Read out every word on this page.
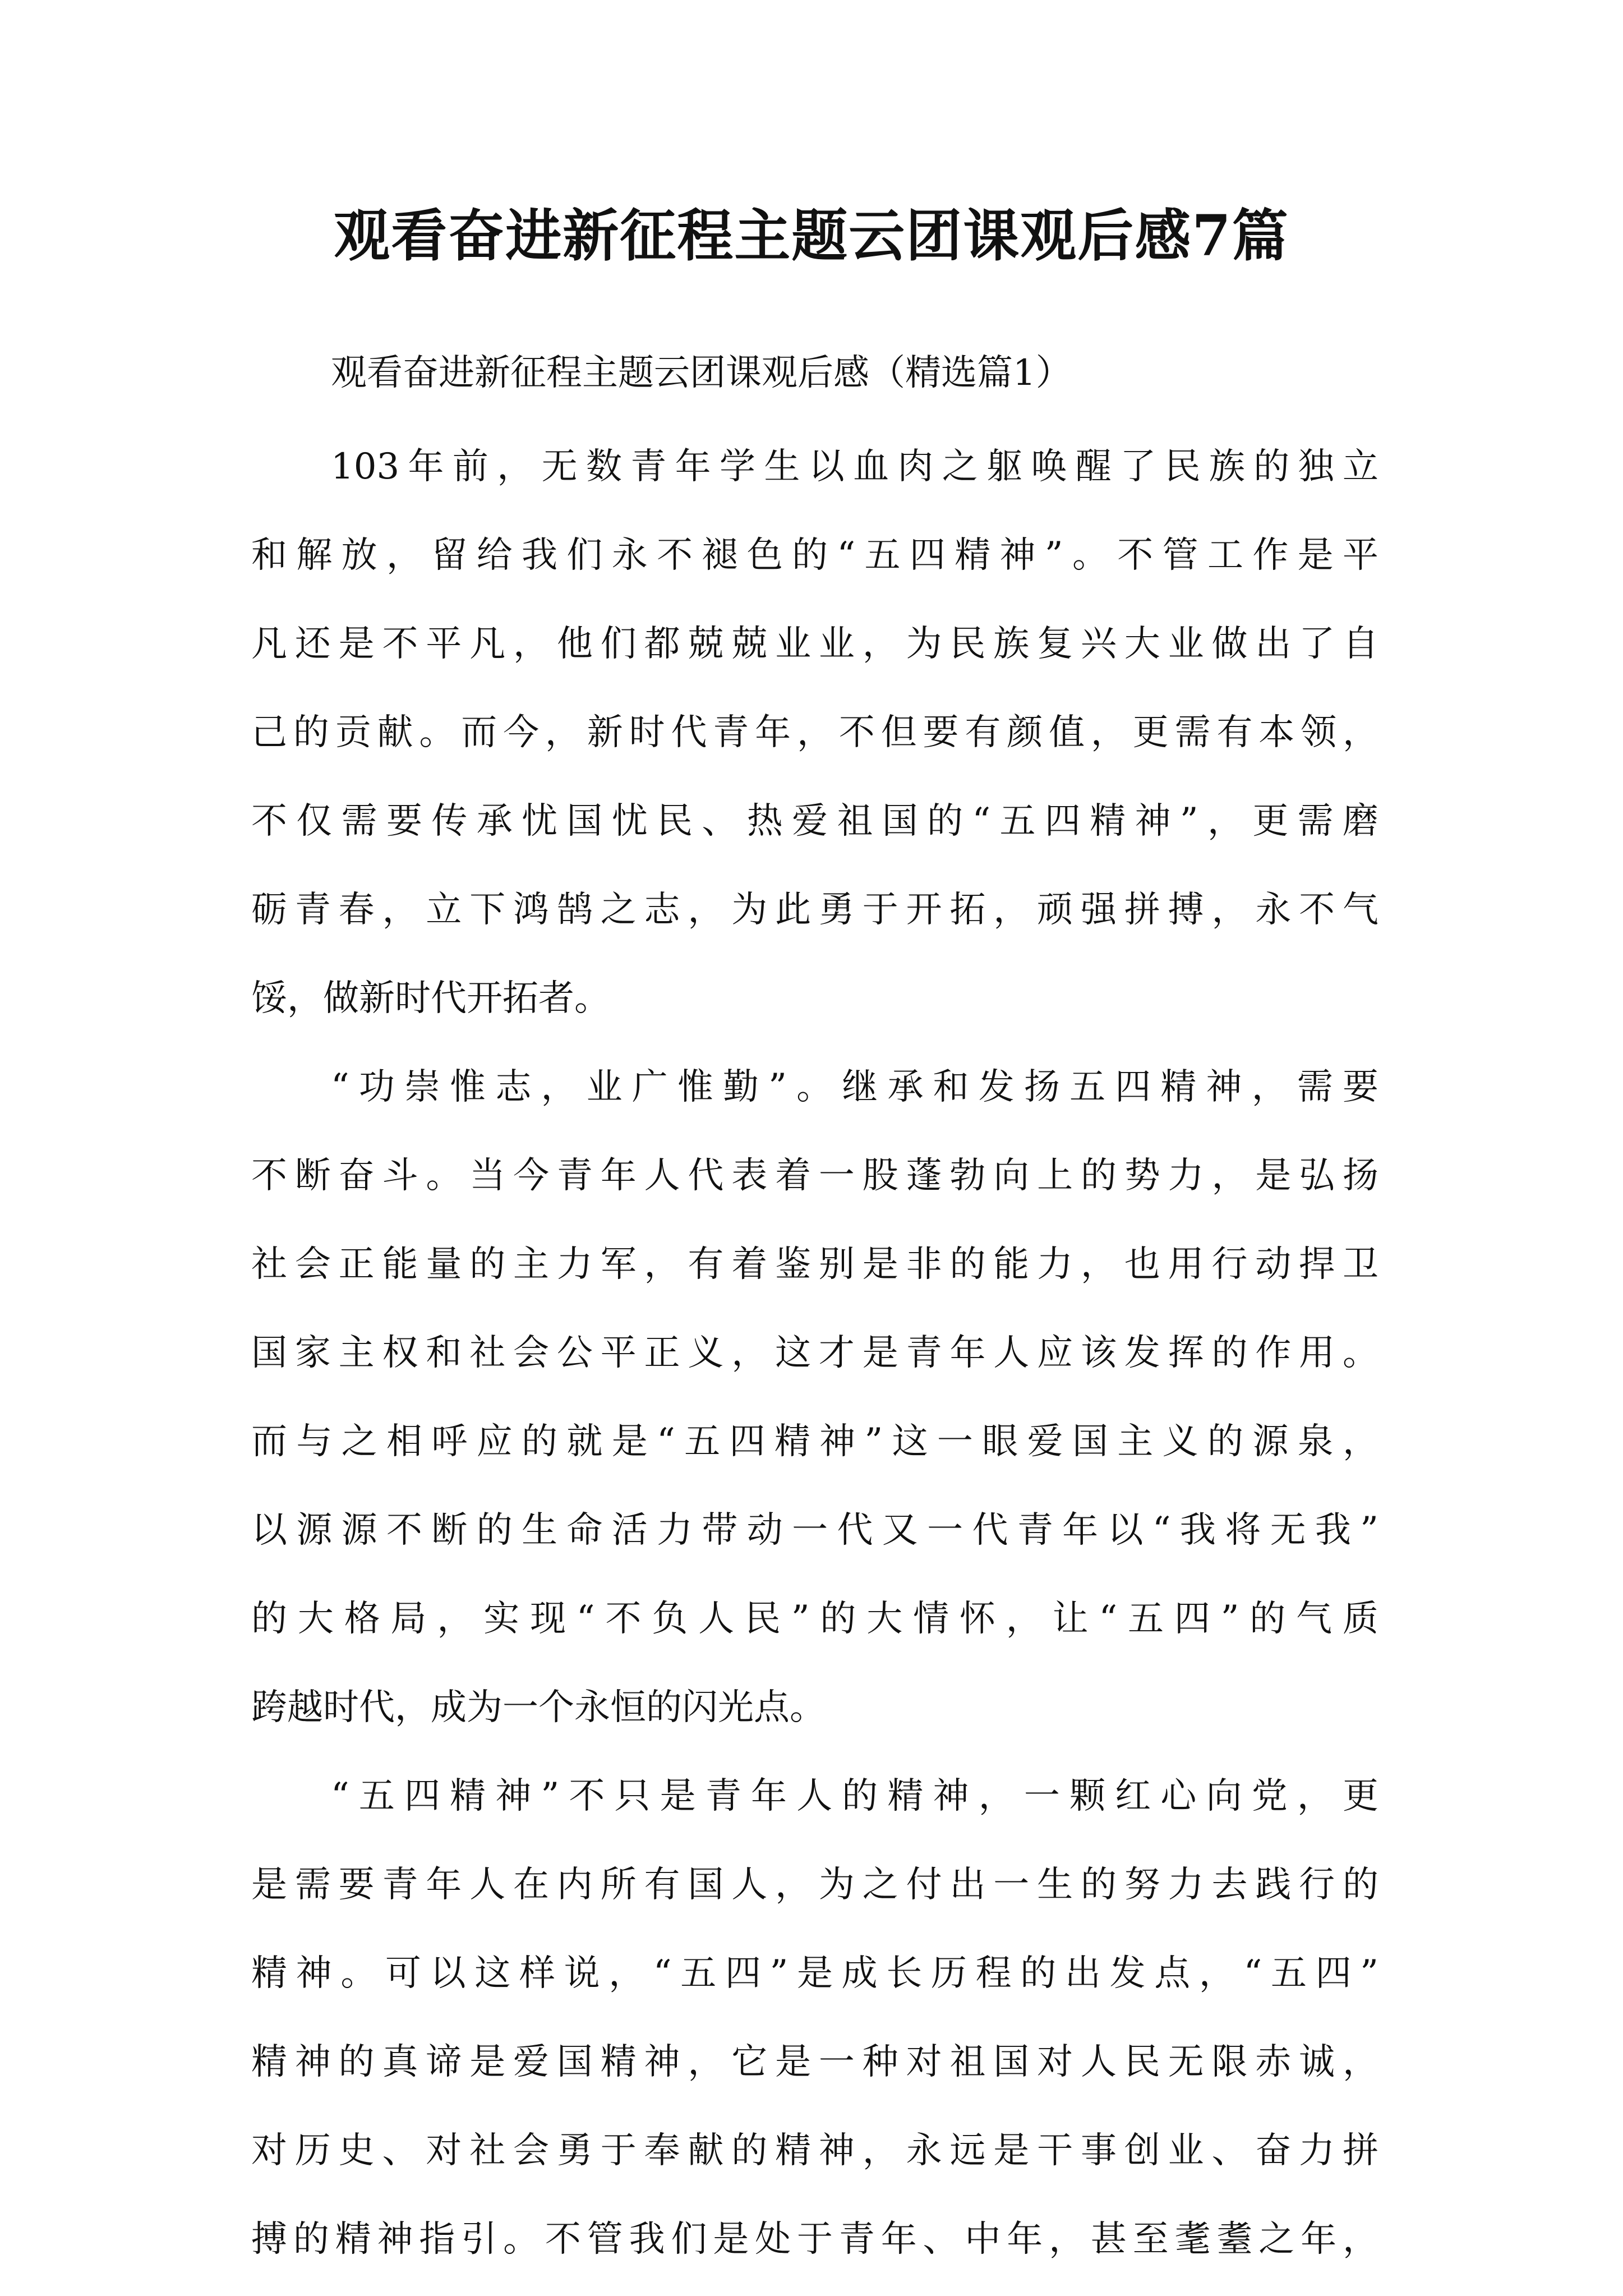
观看奋进新征程主题云团课观后感7篇
观看奋进新征程主题云团课观后感（精选篇1）
103年前，无数青年学生以血肉之躯唤醒了民族的独立
和解放，留给我们永不褪色的“五四精神”。不管工作是平
凡还是不平凡，他们都兢兢业业，为民族复兴大业做出了自
己的贡献。而今，新时代青年，不但要有颜值，更需有本领，
不仅需要传承忧国忧民、热爱祖国的“五四精神”，更需磨
砺青春，立下鸿鹄之志，为此勇于开拓，顽强拼搏，永不气
馁，做新时代开拓者。
“功崇惟志，业广惟勤”。继承和发扬五四精神，需要
不断奋斗。当今青年人代表着一股蓬勃向上的势力，是弘扬
社会正能量的主力军，有着鉴别是非的能力，也用行动捍卫
国家主权和社会公平正义，这才是青年人应该发挥的作用。
而与之相呼应的就是“五四精神”这一眼爱国主义的源泉，
以源源不断的生命活力带动一代又一代青年以“我将无我”
的大格局，实现“不负人民”的大情怀，让“五四”的气质
跨越时代，成为一个永恒的闪光点。
“五四精神”不只是青年人的精神，一颗红心向党，更
是需要青年人在内所有国人，为之付出一生的努力去践行的
精神。可以这样说，“五四”是成长历程的出发点，“五四”
精神的真谛是爱国精神，它是一种对祖国对人民无限赤诚，
对历史、对社会勇于奉献的精神，永远是干事创业、奋力拼
搏的精神指引。不管我们是处于青年、中年，甚至耄耋之年，
